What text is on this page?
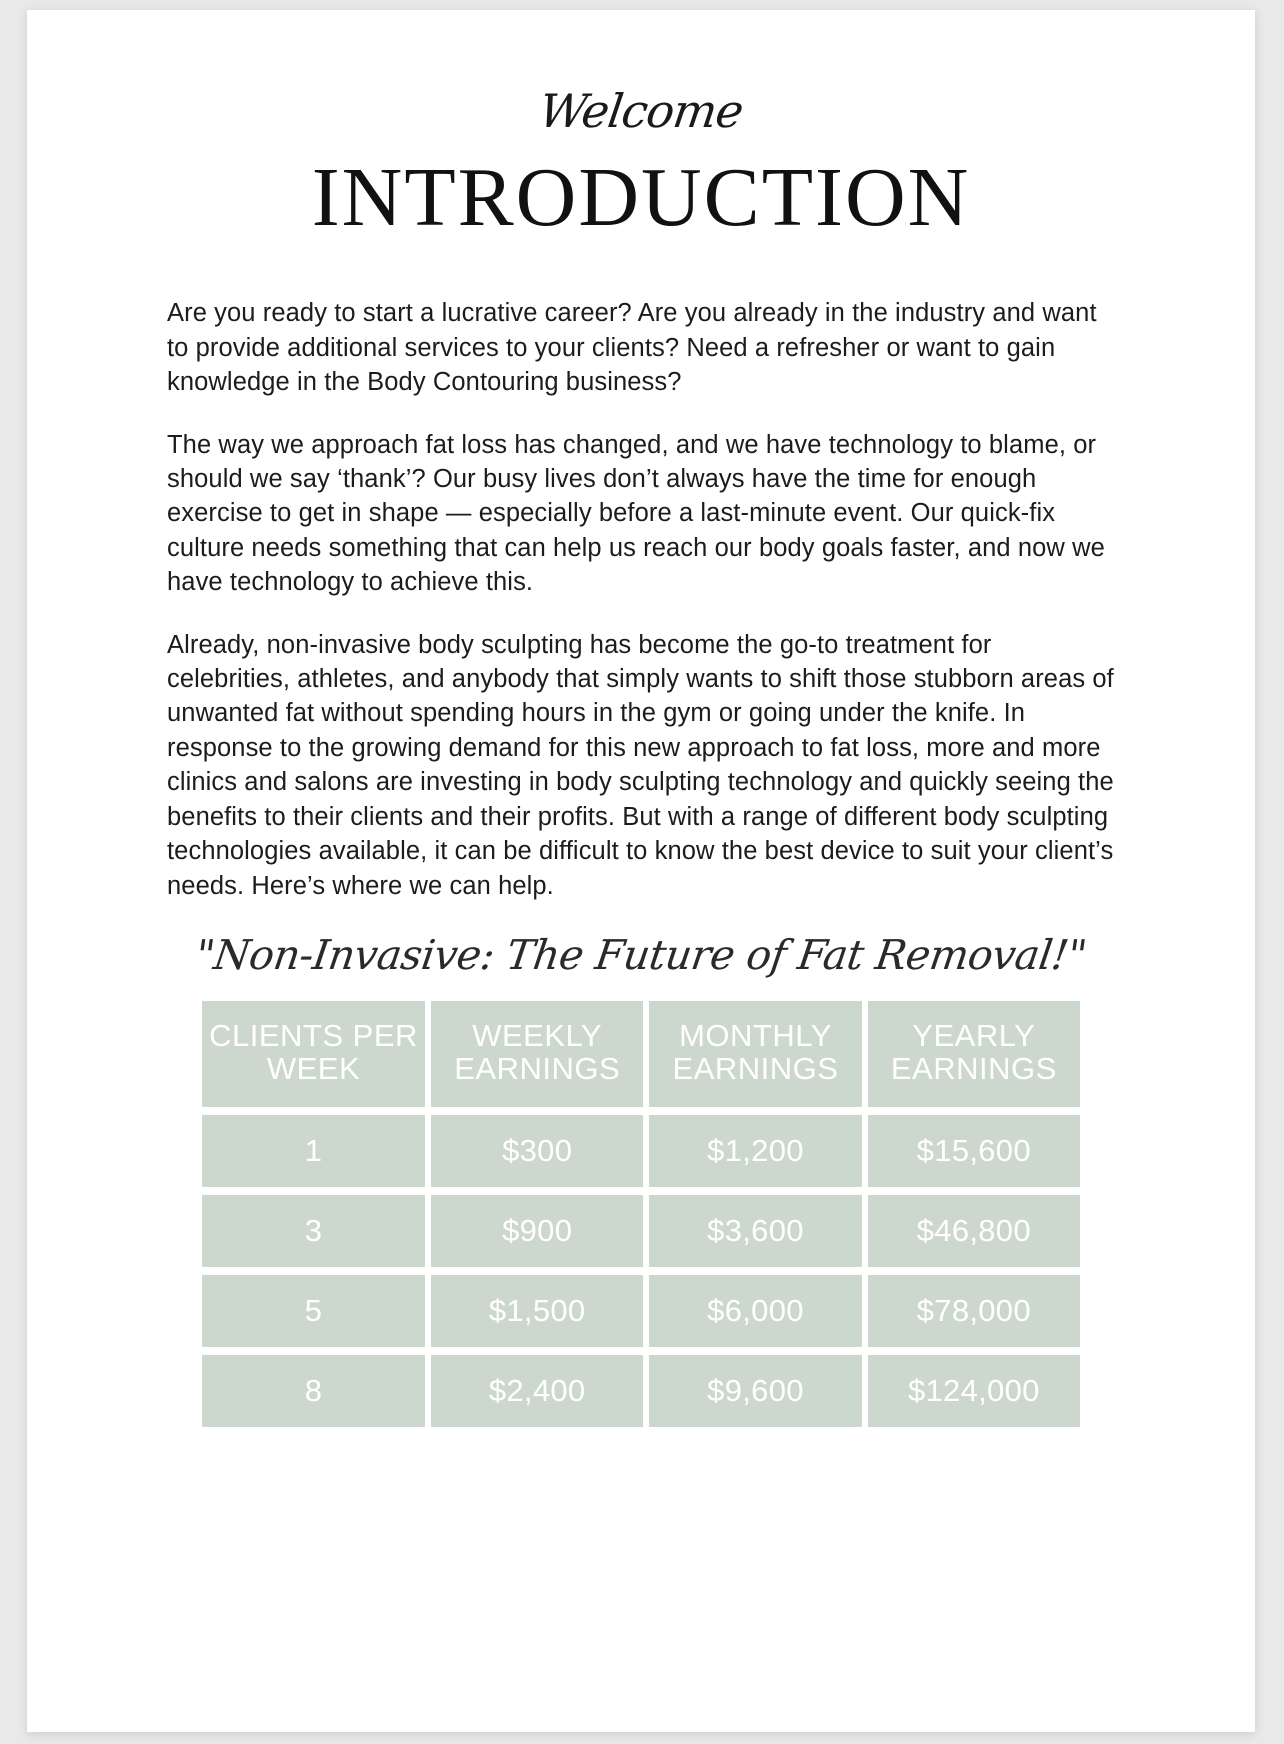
Welcome
INTRODUCTION

Are you ready to start a lucrative career? Are you already in the industry and want to provide additional services to your clients? Need a refresher or want to gain knowledge in the Body Contouring business?

The way we approach fat loss has changed, and we have technology to blame, or should we say ‘thank’? Our busy lives don’t always have the time for enough exercise to get in shape — especially before a last-minute event. Our quick-fix culture needs something that can help us reach our body goals faster, and now we have technology to achieve this.

Already, non-invasive body sculpting has become the go-to treatment for celebrities, athletes, and anybody that simply wants to shift those stubborn areas of unwanted fat without spending hours in the gym or going under the knife. In response to the growing demand for this new approach to fat loss, more and more clinics and salons are investing in body sculpting technology and quickly seeing the benefits to their clients and their profits. But with a range of different body sculpting technologies available, it can be difficult to know the best device to suit your client’s needs. Here’s where we can help.

"Non-Invasive: The Future of Fat Removal!"
CLIENTS PER WEEK	WEEKLY EARNINGS	MONTHLY EARNINGS	YEARLY EARNINGS
1	$300	$1,200	$15,600
3	$900	$3,600	$46,800
5	$1,500	$6,000	$78,000
8	$2,400	$9,600	$124,000
